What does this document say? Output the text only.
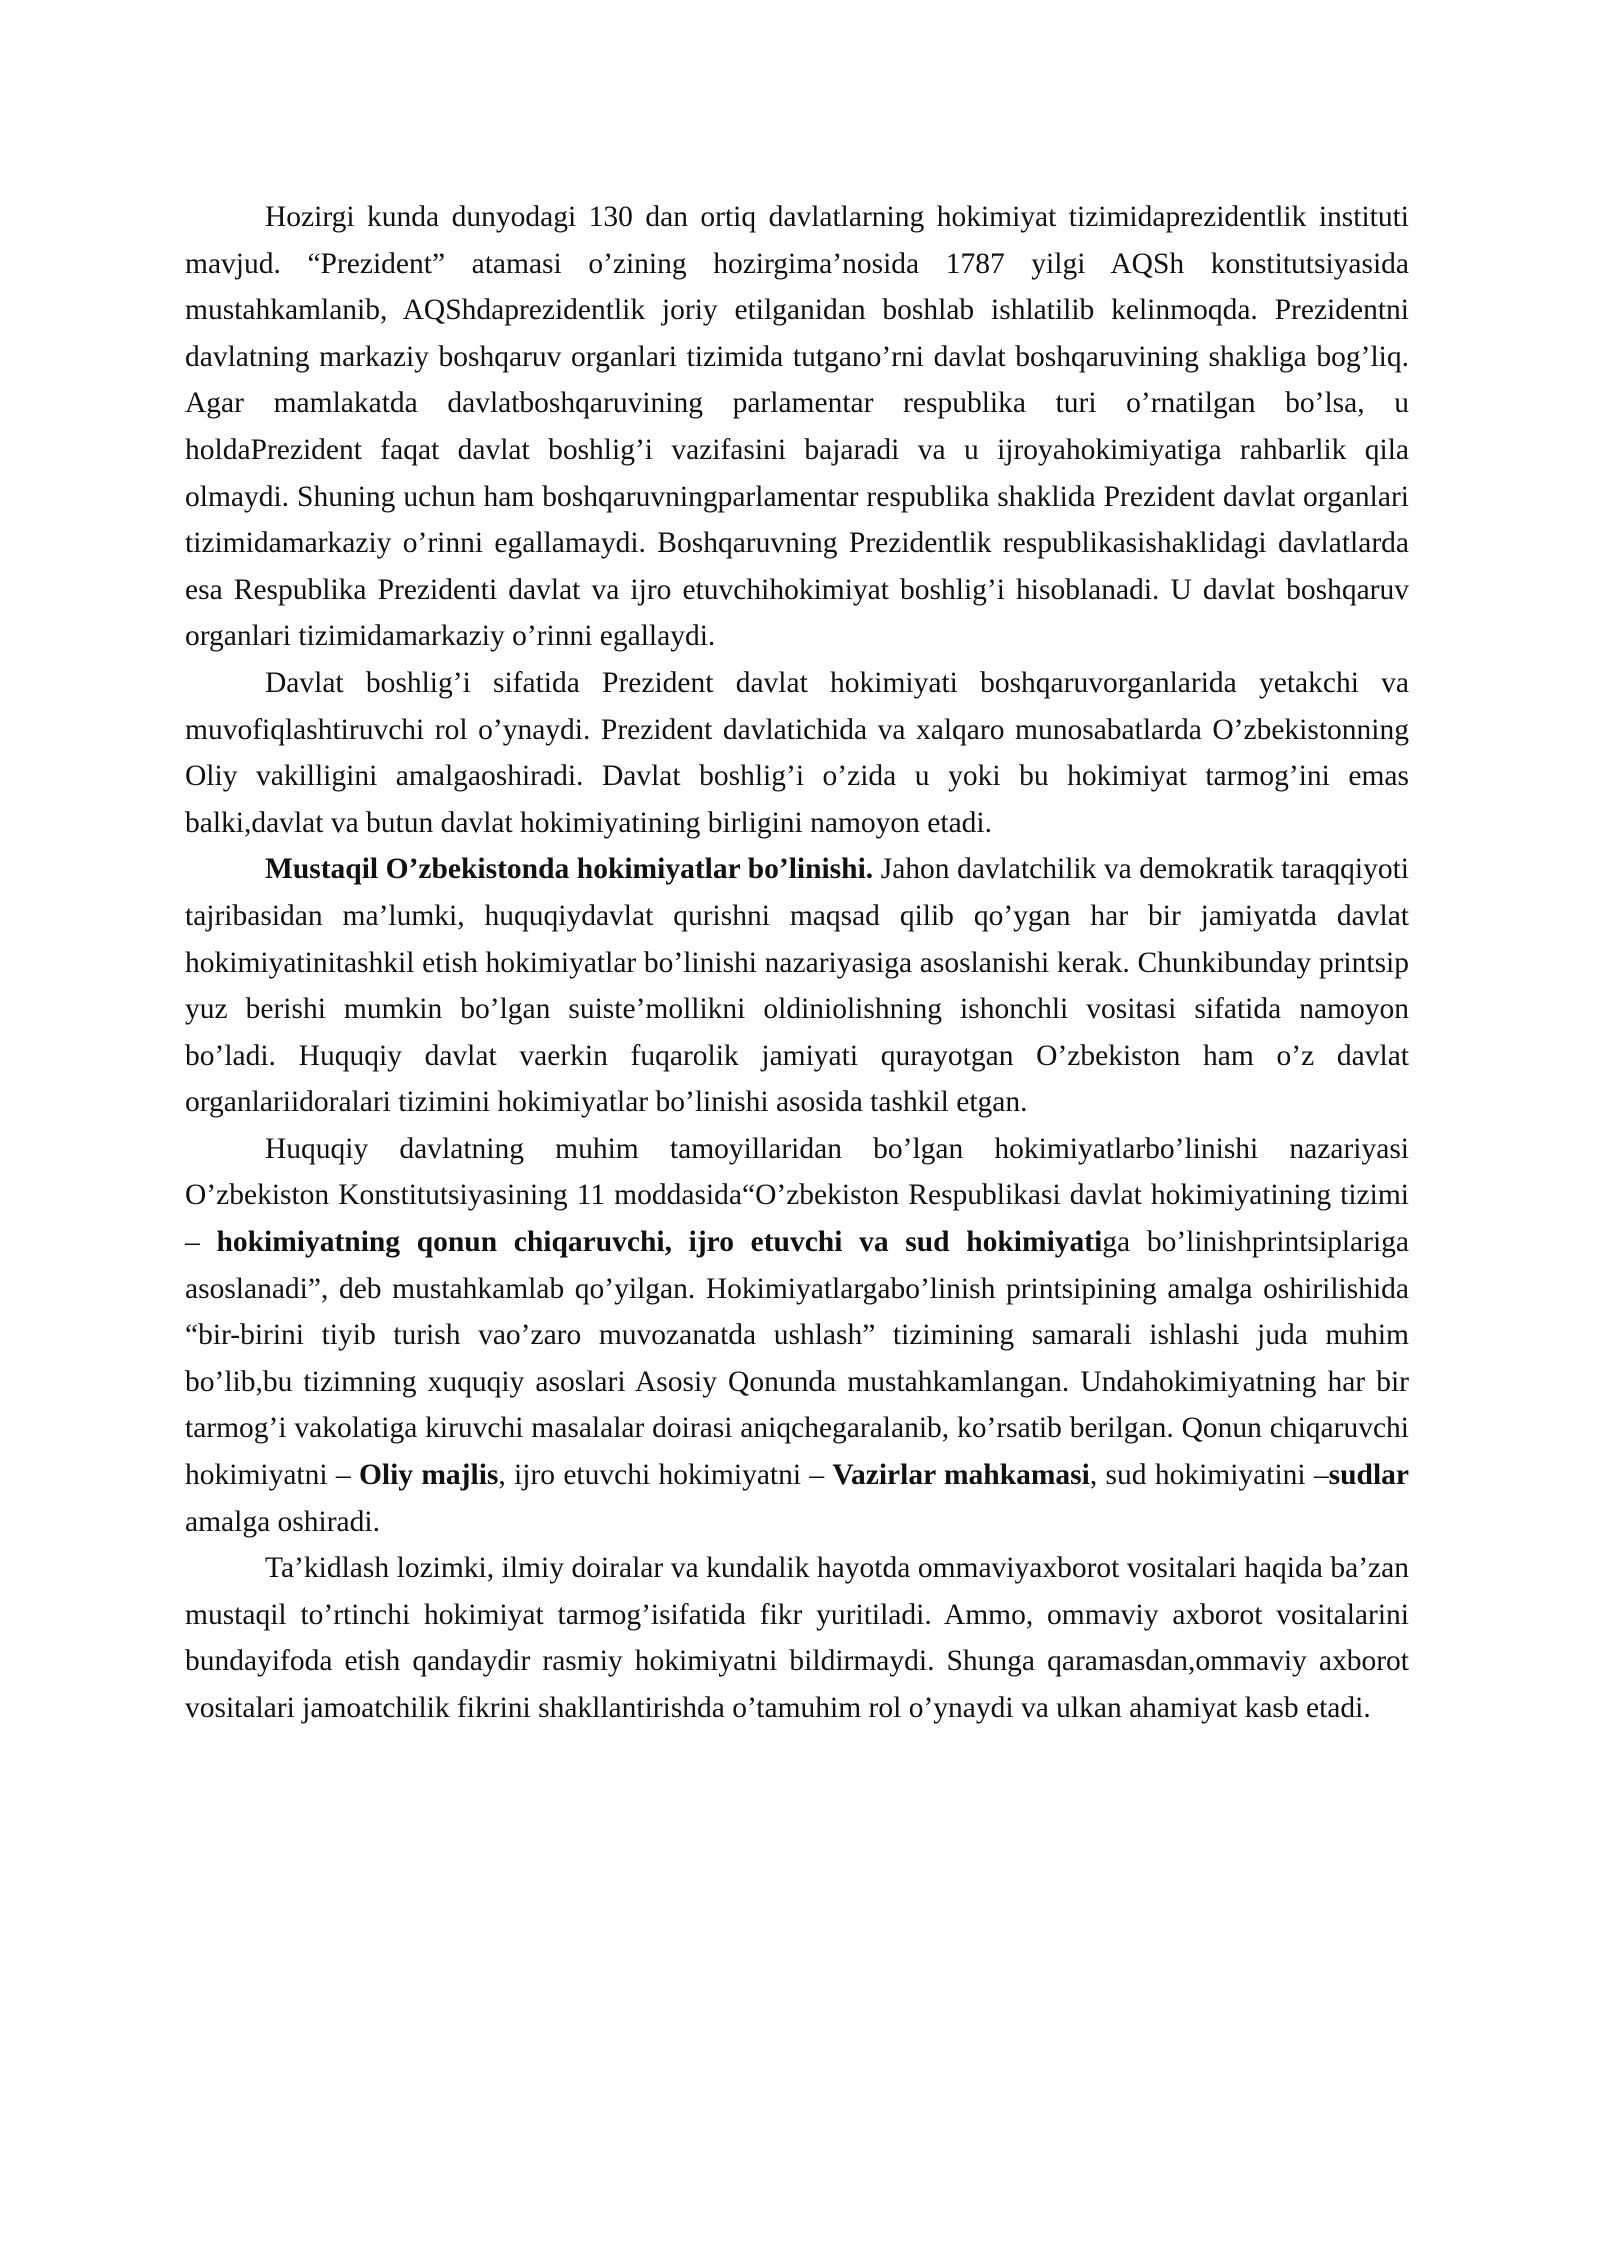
Hozirgi kunda dunyodagi 130 dan ortiq davlatlarning hokimiyat tizimidaprezidentlik instituti mavjud. “Prezident” atamasi o’zining hozirgima’nosida 1787 yilgi AQSh konstitutsiyasida mustahkamlanib, AQShdaprezidentlik joriy etilganidan boshlab ishlatilib kelinmoqda. Prezidentni davlatning markaziy boshqaruv organlari tizimida tutgano’rni davlat boshqaruvining shakliga bog’liq. Agar mamlakatda davlatboshqaruvining parlamentar respublika turi o’rnatilgan bo’lsa, u holdaPrezident faqat davlat boshlig’i vazifasini bajaradi va u ijroyahokimiyatiga rahbarlik qila olmaydi. Shuning uchun ham boshqaruvningparlamentar respublika shaklida Prezident davlat organlari tizimidamarkaziy o’rinni egallamaydi. Boshqaruvning Prezidentlik respublikasishaklidagi davlatlarda esa Respublika Prezidenti davlat va ijro etuvchihokimiyat boshlig’i hisoblanadi. U davlat boshqaruv organlari tizimidamarkaziy o’rinni egallaydi.

Davlat boshlig’i sifatida Prezident davlat hokimiyati boshqaruvorganlarida yetakchi va muvofiqlashtiruvchi rol o’ynaydi. Prezident davlatichida va xalqaro munosabatlarda O’zbekistonning Oliy vakilligini amalgaoshiradi. Davlat boshlig’i o’zida u yoki bu hokimiyat tarmog’ini emas balki,davlat va butun davlat hokimiyatining birligini namoyon etadi.

Mustaqil O’zbekistonda hokimiyatlar bo’linishi. Jahon davlatchilik va demokratik taraqqiyoti tajribasidan ma’lumki, huquqiydavlat qurishni maqsad qilib qo’ygan har bir jamiyatda davlat hokimiyatinitashkil etish hokimiyatlar bo’linishi nazariyasiga asoslanishi kerak. Chunkibunday printsip yuz berishi mumkin bo’lgan suiste’mollikni oldiniolishning ishonchli vositasi sifatida namoyon bo’ladi. Huquqiy davlat vaerkin fuqarolik jamiyati qurayotgan O’zbekiston ham o’z davlat organlariidoralari tizimini hokimiyatlar bo’linishi asosida tashkil etgan.

Huquqiy davlatning muhim tamoyillaridan bo’lgan hokimiyatlarbo’linishi nazariyasi O’zbekiston Konstitutsiyasining 11 moddasida“O’zbekiston Respublikasi davlat hokimiyatining tizimi – hokimiyatning qonun chiqaruvchi, ijro etuvchi va sud hokimiyatiga bo’linishprintsiplariga asoslanadi”, deb mustahkamlab qo’yilgan. Hokimiyatlargabo’linish printsipining amalga oshirilishida “bir-birini tiyib turish vao’zaro muvozanatda ushlash” tizimining samarali ishlashi juda muhim bo’lib,bu tizimning xuquqiy asoslari Asosiy Qonunda mustahkamlangan. Undahokimiyatning har bir tarmog’i vakolatiga kiruvchi masalalar doirasi aniqchegaralanib, ko’rsatib berilgan. Qonun chiqaruvchi hokimiyatni – Oliy majlis, ijro etuvchi hokimiyatni – Vazirlar mahkamasi, sud hokimiyatini –sudlar amalga oshiradi.

Ta’kidlash lozimki, ilmiy doiralar va kundalik hayotda ommaviyaxborot vositalari haqida ba’zan mustaqil to’rtinchi hokimiyat tarmog’isifatida fikr yuritiladi. Ammo, ommaviy axborot vositalarini bundayifoda etish qandaydir rasmiy hokimiyatni bildirmaydi. Shunga qaramasdan,ommaviy axborot vositalari jamoatchilik fikrini shakllantirishda o’tamuhim rol o’ynaydi va ulkan ahamiyat kasb etadi.
